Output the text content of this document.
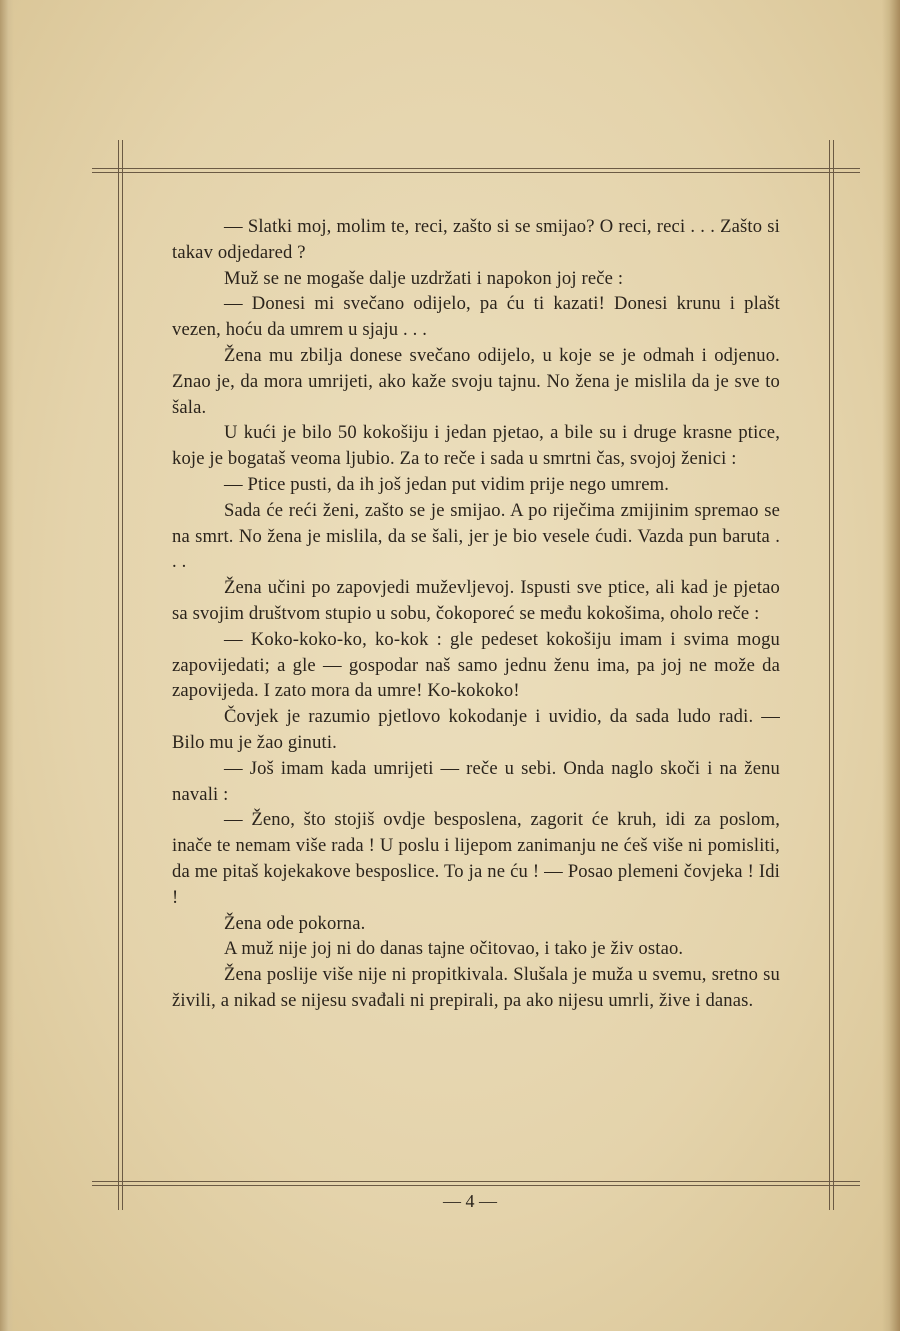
— Slatki moj, molim te, reci, zašto si se smijao? O reci, reci . . . Zašto si takav odjedared ?

Muž se ne mogaše dalje uzdržati i napokon joj reče :

— Donesi mi svečano odijelo, pa ću ti kazati! Donesi krunu i plašt vezen, hoću da umrem u sjaju . . .

Žena mu zbilja donese svečano odijelo, u koje se je odmah i odjenuo. Znao je, da mora umrijeti, ako kaže svoju tajnu. No žena je mislila da je sve to šala.

U kući je bilo 50 kokošiju i jedan pjetao, a bile su i druge krasne ptice, koje je bogataš veoma ljubio. Za to reče i sada u smrtni čas, svojoj ženici :

— Ptice pusti, da ih još jedan put vidim prije nego umrem.

Sada će reći ženi, zašto se je smijao. A po riječima zmijinim spremao se na smrt. No žena je mislila, da se šali, jer je bio vesele ćudi. Vazda pun baruta . . .

Žena učini po zapovjedi muževljevoj. Ispusti sve ptice, ali kad je pjetao sa svojim društvom stupio u sobu, čokoporeć se među kokošima, oholo reče :

— Koko-koko-ko, ko-kok : gle pedeset kokošiju imam i svima mogu zapovijedati; a gle — gospodar naš samo jednu ženu ima, pa joj ne može da zapovijeda. I zato mora da umre! Ko-kokoko!

Čovjek je razumio pjetlovo kokodanje i uvidio, da sada ludo radi. — Bilo mu je žao ginuti.

— Još imam kada umrijeti — reče u sebi. Onda naglo skoči i na ženu navali :

— Ženo, što stojiš ovdje besposlena, zagorit će kruh, idi za poslom, inače te nemam više rada ! U poslu i lijepom zanimanju ne ćeš više ni pomisliti, da me pitaš kojekakove besposlice. To ja ne ću ! — Posao plemeni čovjeka ! Idi !

Žena ode pokorna.

A muž nije joj ni do danas tajne očitovao, i tako je živ ostao.

Žena poslije više nije ni propitkivala. Slušala je muža u svemu, sretno su živili, a nikad se nijesu svađali ni prepirali, pa ako nijesu umrli, žive i danas.

— 4 —
